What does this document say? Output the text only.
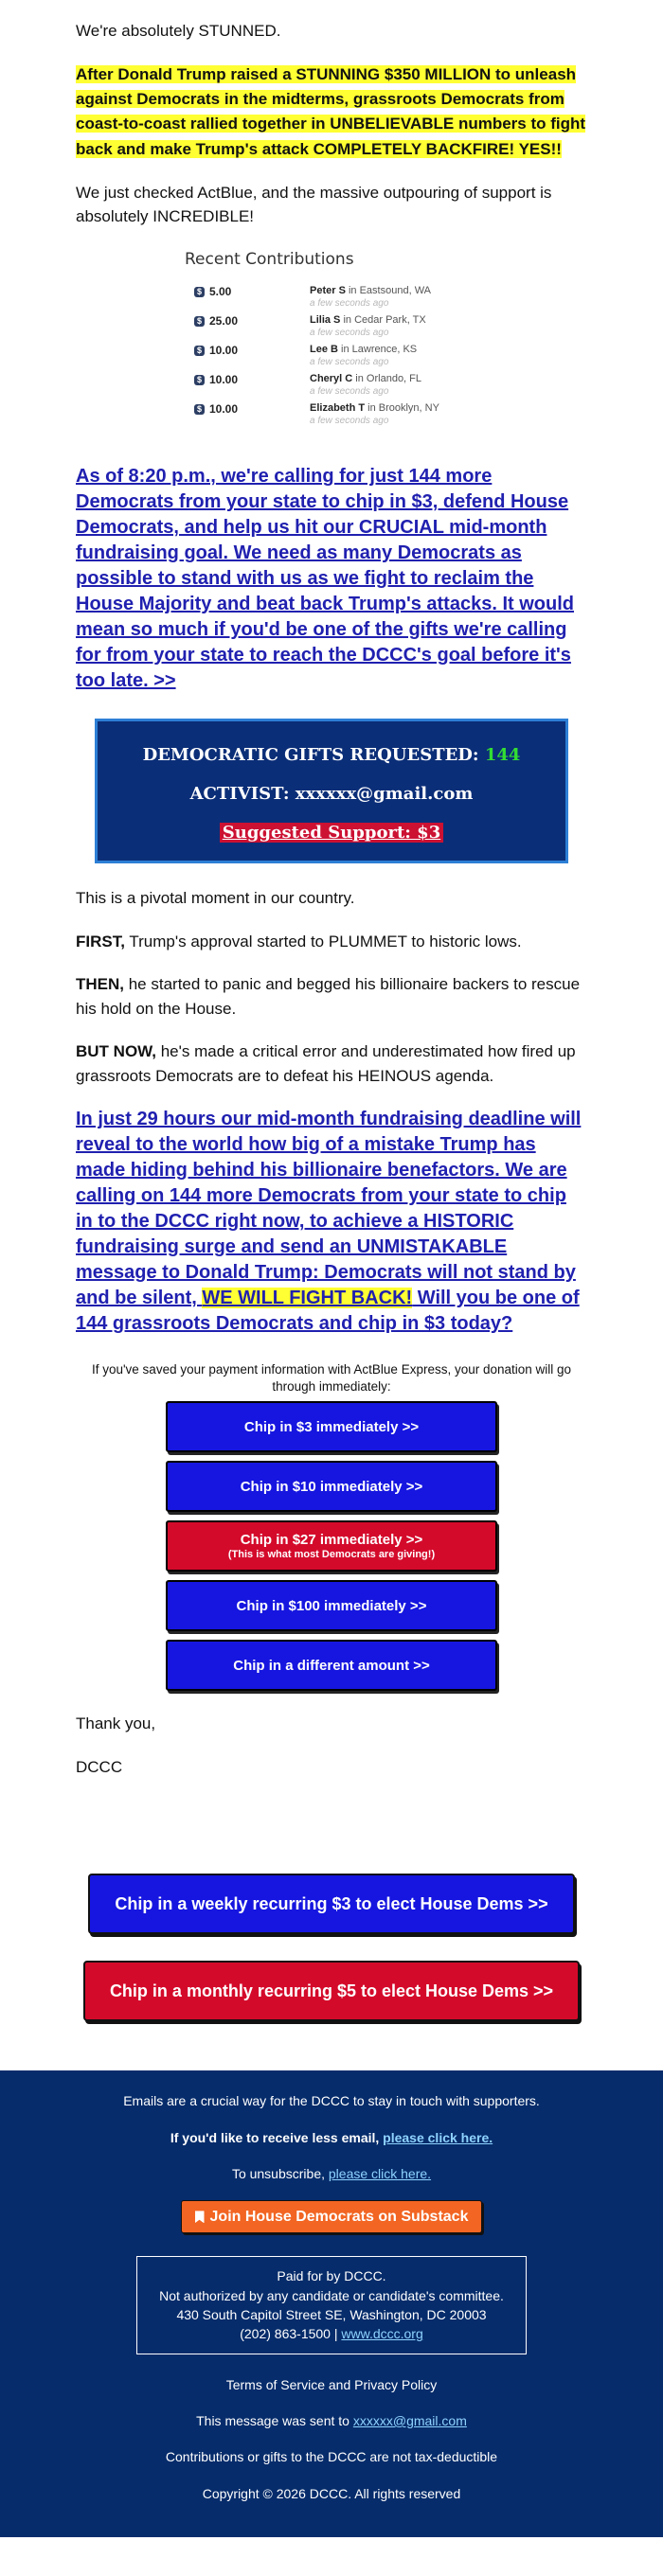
We're absolutely STUNNED.

After Donald Trump raised a STUNNING $350 MILLION to unleash against Democrats in the midterms, grassroots Democrats from coast-to-coast rallied together in UNBELIEVABLE numbers to fight back and make Trump's attack COMPLETELY BACKFIRE! YES!!

We just checked ActBlue, and the massive outpouring of support is absolutely INCREDIBLE!

Recent Contributions
$ 5.00	Peter S in Eastsound, WA
a few seconds ago
$ 25.00	Lilia S in Cedar Park, TX
a few seconds ago
$ 10.00	Lee B in Lawrence, KS
a few seconds ago
$ 10.00	Cheryl C in Orlando, FL
a few seconds ago
$ 10.00	Elizabeth T in Brooklyn, NY
a few seconds ago
As of 8:20 p.m., we're calling for just 144 more Democrats from your state to chip in $3, defend House Democrats, and help us hit our CRUCIAL mid-month fundraising goal. We need as many Democrats as possible to stand with us as we fight to reclaim the House Majority and beat back Trump's attacks. It would mean so much if you'd be one of the gifts we're calling for from your state to reach the DCCC's goal before it's too late. >>
DEMOCRATIC GIFTS REQUESTED: 144
ACTIVIST: xxxxxx@gmail.com
Suggested Support: $3

This is a pivotal moment in our country.

FIRST, Trump's approval started to PLUMMET to historic lows.

THEN, he started to panic and begged his billionaire backers to rescue his hold on the House.

BUT NOW, he's made a critical error and underestimated how fired up grassroots Democrats are to defeat his HEINOUS agenda.

In just 29 hours our mid-month fundraising deadline will reveal to the world how big of a mistake Trump has made hiding behind his billionaire benefactors. We are calling on 144 more Democrats from your state to chip in to the DCCC right now, to achieve a HISTORIC fundraising surge and send an UNMISTAKABLE message to Donald Trump: Democrats will not stand by and be silent, WE WILL FIGHT BACK! Will you be one of 144 grassroots Democrats and chip in $3 today?

If you've saved your payment information with ActBlue Express, your donation will go through immediately:

Chip in $3 immediately >>
Chip in $10 immediately >>
Chip in $27 immediately >>
(This is what most Democrats are giving!)
Chip in $100 immediately >>
Chip in a different amount >>

Thank you,

DCCC

Chip in a weekly recurring $3 to elect House Dems >>
Chip in a monthly recurring $5 to elect House Dems >>

Emails are a crucial way for the DCCC to stay in touch with supporters.

If you'd like to receive less email, please click here.

To unsubscribe, please click here.

Join House Democrats on Substack
Paid for by DCCC.
Not authorized by any candidate or candidate's committee.
430 South Capitol Street SE, Washington, DC 20003
(202) 863-1500 | www.dccc.org

Terms of Service and Privacy Policy

This message was sent to xxxxxx@gmail.com

Contributions or gifts to the DCCC are not tax-deductible

Copyright © 2026 DCCC. All rights reserved
